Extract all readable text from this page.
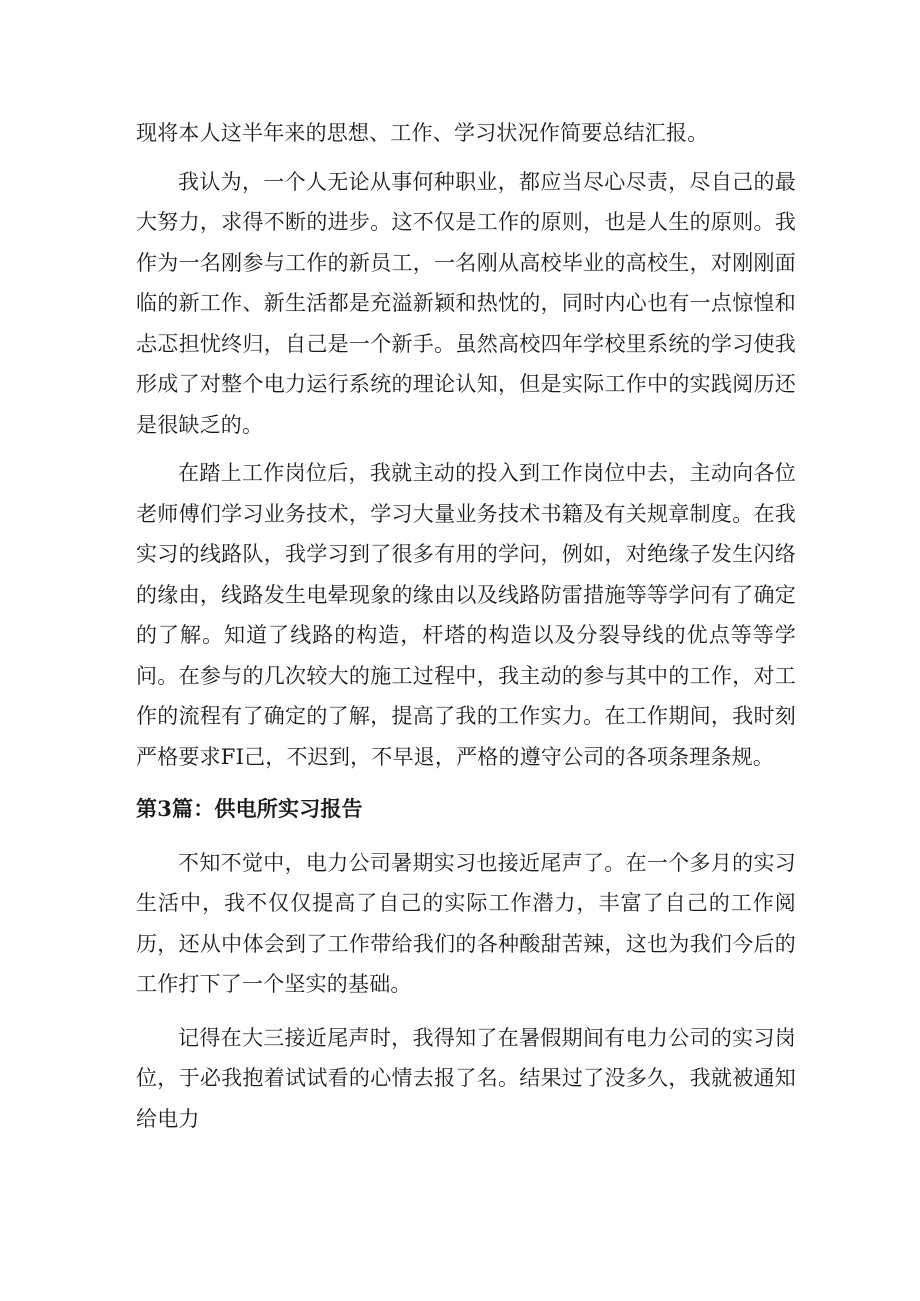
现将本人这半年来的思想、工作、学习状况作简要总结汇报。

我认为，一个人无论从事何种职业，都应当尽心尽责，尽自己的最大努力，求得不断的进步。这不仅是工作的原则，也是人生的原则。我作为一名刚参与工作的新员工，一名刚从高校毕业的高校生，对刚刚面临的新工作、新生活都是充溢新颖和热忱的，同时内心也有一点惊惶和忐忑担忧终归，自己是一个新手。虽然高校四年学校里系统的学习使我形成了对整个电力运行系统的理论认知，但是实际工作中的实践阅历还是很缺乏的。

在踏上工作岗位后，我就主动的投入到工作岗位中去，主动向各位老师傅们学习业务技术，学习大量业务技术书籍及有关规章制度。在我实习的线路队，我学习到了很多有用的学问，例如，对绝缘子发生闪络的缘由，线路发生电晕现象的缘由以及线路防雷措施等等学问有了确定的了解。知道了线路的构造，杆塔的构造以及分裂导线的优点等等学问。在参与的几次较大的施工过程中，我主动的参与其中的工作，对工作的流程有了确定的了解，提高了我的工作实力。在工作期间，我时刻严格要求FI己，不迟到，不早退，严格的遵守公司的各项条理条规。

第3篇：供电所实习报告

不知不觉中，电力公司暑期实习也接近尾声了。在一个多月的实习生活中，我不仅仅提高了自己的实际工作潜力，丰富了自己的工作阅历，还从中体会到了工作带给我们的各种酸甜苦辣，这也为我们今后的工作打下了一个坚实的基础。

记得在大三接近尾声时，我得知了在暑假期间有电力公司的实习岗位，于必我抱着试试看的心情去报了名。结果过了没多久，我就被通知给电力
